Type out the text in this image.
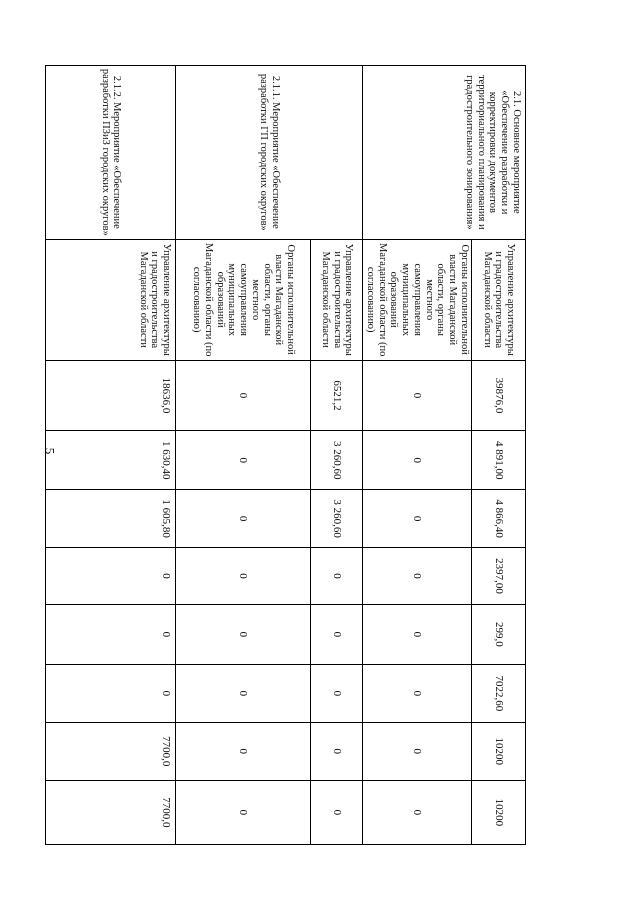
5
2.1. Основное мероприятие «Обеспечение разработки и корректировки документов территориального планирования и градостроительного зонирования»	Управление архитектуры и градостроительства Магаданской области	39876,0	4 891,00	4 866,40	2397,00	299,0	7022,60	10200	10200
	Органы исполнительной власти Магаданской области, органы местного самоуправления муниципальных образований Магаданской области (по согласованию)	0	0	0	0	0	0	0	0
2.1.1. Мероприятие «Обеспечение разработки ГП городских округов»	Управление архитектуры и градостроительства Магаданской области	6521,2	3 260,60	3 260,60	0	0	0	0	0
	Органы исполнительной власти Магаданской области, органы местного самоуправления муниципальных образований Магаданской области (по согласованию)	0	0	0	0	0	0	0	0
2.1.2. Мероприятие «Обеспечение разработки ПЗиЗ городских округов»	Управление архитектуры и градостроительства Магаданской области	18636,0	1 630,40	1 605,80	0	0	0	7700,0	7700,0
